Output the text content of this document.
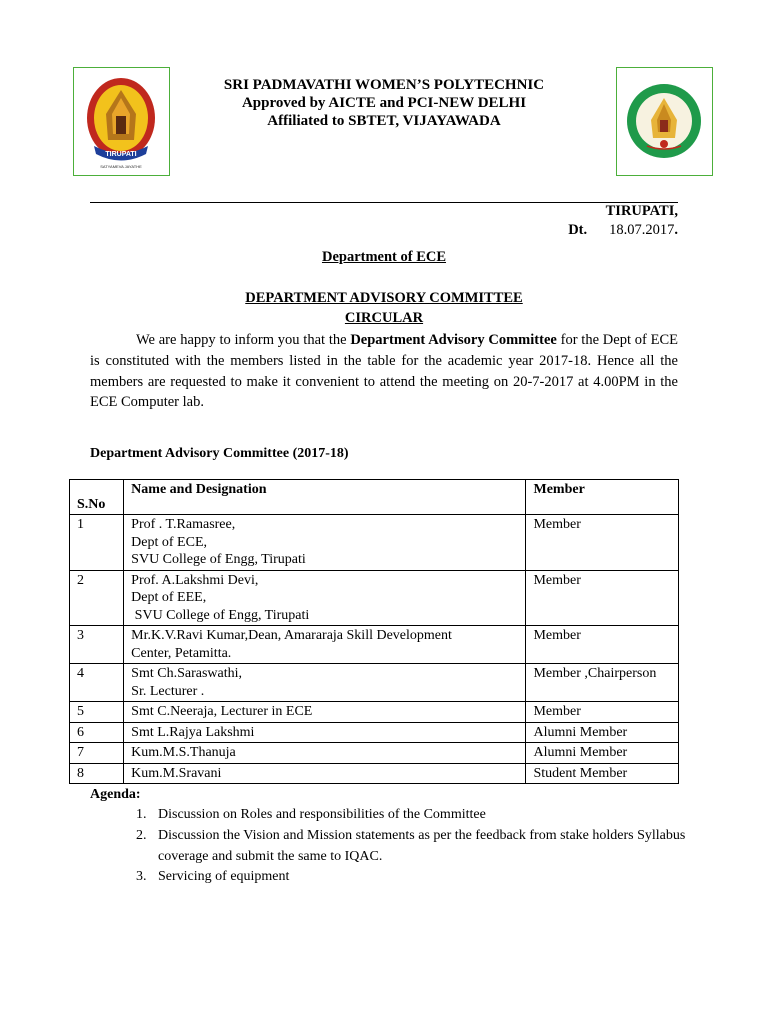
TIRUPATI
SATYAMEVA JAYATHE
SRI PADMAVATHI WOMEN’S POLYTECHNIC
Approved by AICTE and PCI-NEW DELHI
Affiliated to SBTET, VIJAYAWADA
TIRUPATI,
Dt. 18.07.2017.
Department of ECE
DEPARTMENT ADVISORY COMMITTEE
CIRCULAR

We are happy to inform you that the Department Advisory Committee for the Dept of ECE is constituted with the members listed in the table for the academic year 2017-18. Hence all the members are requested to make it convenient to attend the meeting on 20-7-2017 at 4.00PM in the ECE Computer lab.

Department Advisory Committee (2017-18)
S.No	Name and Designation	Member
1	Prof . T.Ramasree,
Dept of ECE,
SVU College of Engg, Tirupati	Member
2	Prof. A.Lakshmi Devi,
Dept of EEE,
SVU College of Engg, Tirupati	Member
3	Mr.K.V.Ravi Kumar,Dean, Amararaja Skill Development
Center, Petamitta.	Member
4	Smt Ch.Saraswathi,
Sr. Lecturer .	Member ,Chairperson
5	Smt C.Neeraja, Lecturer in ECE	Member
6	Smt L.Rajya Lakshmi	Alumni Member
7	Kum.M.S.Thanuja	Alumni Member
8	Kum.M.Sravani	Student Member
Agenda:
1. Discussion on Roles and responsibilities of the Committee
2. Discussion the Vision and Mission statements as per the feedback from stake holders Syllabus coverage and submit the same to IQAC.
3. Servicing of equipment
